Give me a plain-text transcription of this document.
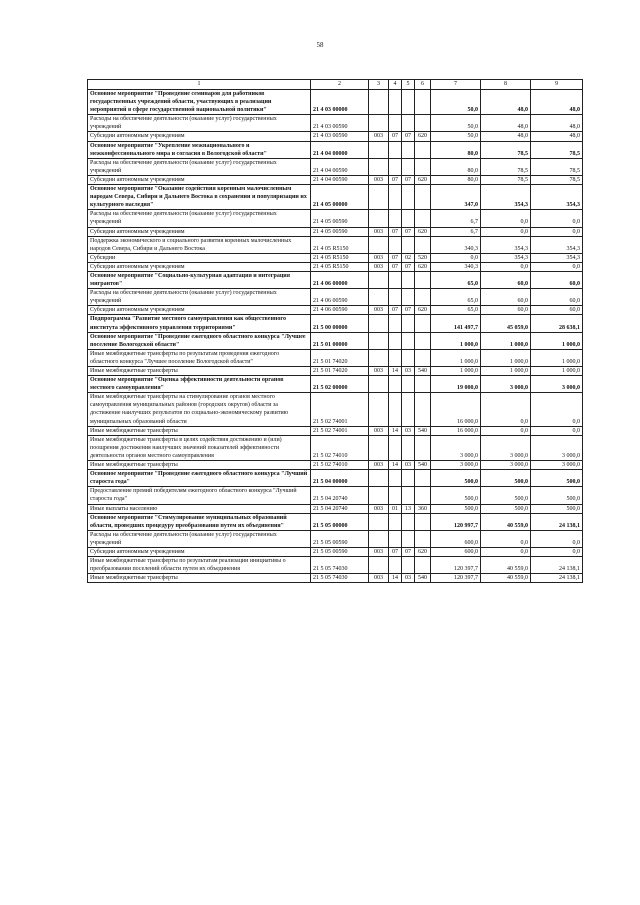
58
1	2	3	4	5	6	7	8	9
Основное мероприятие "Проведение семинаров для работников государственных учреждений области, участвующих в реализации мероприятий в сфере государственной национальной политики"	21 4 03 00000					50,0	48,0	48,0
Расходы на обеспечение деятельности (оказание услуг) государственных учреждений	21 4 03 00590					50,0	48,0	48,0
Субсидии автономным учреждениям	21 4 03 00590	003	07	07	620	50,0	48,0	48,0
Основное мероприятие "Укрепление межнационального и межконфессионального мира и согласия в Вологодской области"	21 4 04 00000					80,0	78,5	78,5
Расходы на обеспечение деятельности (оказание услуг) государственных учреждений	21 4 04 00590					80,0	78,5	78,5
Субсидии автономным учреждениям	21 4 04 00590	003	07	07	620	80,0	78,5	78,5
Основное мероприятие "Оказание содействия коренным малочисленным народам Севера, Сибири и Дальнего Востока в сохранении и популяризации их культурного наследия"	21 4 05 00000					347,0	354,3	354,3
Расходы на обеспечение деятельности (оказание услуг) государственных учреждений	21 4 05 00590					6,7	0,0	0,0
Субсидии автономным учреждениям	21 4 05 00590	003	07	07	620	6,7	0,0	0,0
Поддержка экономического и социального развития коренных малочисленных народов Севера, Сибири и Дальнего Востока	21 4 05 R5150					340,3	354,3	354,3
Субсидии	21 4 05 R5150	003	07	02	520	0,0	354,3	354,3
Субсидии автономным учреждениям	21 4 05 R5150	003	07	07	620	340,3	0,0	0,0
Основное мероприятие "Социально-культурная адаптация и интеграция мигрантов"	21 4 06 00000					65,0	60,0	60,0
Расходы на обеспечение деятельности (оказание услуг) государственных учреждений	21 4 06 00590					65,0	60,0	60,0
Субсидии автономным учреждениям	21 4 06 00590	003	07	07	620	65,0	60,0	60,0
Подпрограмма "Развитие местного самоуправления как общественного института эффективного управления территориями"	21 5 00 00000					141 497,7	45 059,0	28 638,1
Основное мероприятие "Проведение ежегодного областного конкурса "Лучшее поселение Вологодской области"	21 5 01 00000					1 000,0	1 000,0	1 000,0
Иные межбюджетные трансферты по результатам проведения ежегодного областного конкурса "Лучшее поселение Вологодской области"	21 5 01 74020					1 000,0	1 000,0	1 000,0
Иные межбюджетные трансферты	21 5 01 74020	003	14	03	540	1 000,0	1 000,0	1 000,0
Основное мероприятие "Оценка эффективности деятельности органов местного самоуправления"	21 5 02 00000					19 000,0	3 000,0	3 000,0
Иные межбюджетные трансферты на стимулирование органов местного самоуправления муниципальных районов (городских округов) области за достижение наилучших результатов по социально-экономическому развитию муниципальных образований области	21 5 02 74001					16 000,0	0,0	0,0
Иные межбюджетные трансферты	21 5 02 74001	003	14	03	540	16 000,0	0,0	0,0
Иные межбюджетные трансферты в целях содействия достижению и (или) поощрения достижения наилучших значений показателей эффективности деятельности органов местного самоуправления	21 5 02 74010					3 000,0	3 000,0	3 000,0
Иные межбюджетные трансферты	21 5 02 74010	003	14	03	540	3 000,0	3 000,0	3 000,0
Основное мероприятие "Проведение ежегодного областного конкурса "Лучший староста года"	21 5 04 00000					500,0	500,0	500,0
Предоставление премий победителям ежегодного областного конкурса "Лучший староста года"	21 5 04 20740					500,0	500,0	500,0
Иные выплаты населению	21 5 04 20740	003	01	13	360	500,0	500,0	500,0
Основное мероприятие "Стимулирование муниципальных образований области, проведших процедуру преобразования путем их объединения"	21 5 05 00000					120 997,7	40 559,0	24 138,1
Расходы на обеспечение деятельности (оказание услуг) государственных учреждений	21 5 05 00590					600,0	0,0	0,0
Субсидии автономным учреждениям	21 5 05 00590	003	07	07	620	600,0	0,0	0,0
Иные межбюджетные трансферты по результатам реализации инициативы о преобразовании поселений области путем их объединения	21 5 05 74030					120 397,7	40 559,0	24 138,1
Иные межбюджетные трансферты	21 5 05 74030	003	14	03	540	120 397,7	40 559,0	24 138,1
